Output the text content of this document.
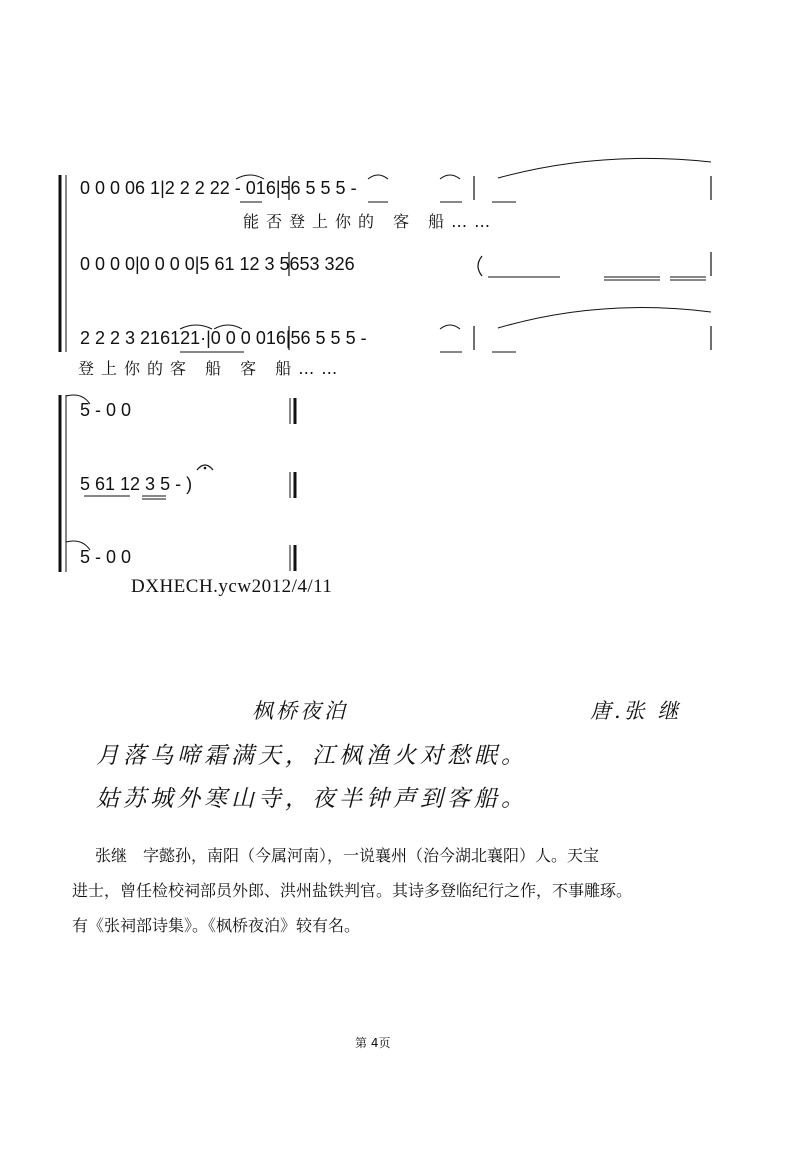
0 0 0 06 1|2 2 2 22 - 016|56 5 5 5 -
能否登上你的 客 船……
0 0 0 0|0 0 0 0|5 61 12 3 5653 326
2 2 2 3 216121·|0 0 0 016|56 5 5 5 -
登上你的客 船 客 船……
5 - 0 0
5 61 12 3 5 - )
5 - 0 0
DXHECH.ycw2012/4/11
枫桥夜泊	唐.张 继
月落乌啼霜满天，江枫渔火对愁眠。
姑苏城外寒山寺，夜半钟声到客船。
张继　字懿孙，南阳（今属河南），一说襄州（治今湖北襄阳）人。天宝
进士，曾任检校祠部员外郎、洪州盐铁判官。其诗多登临纪行之作，不事雕琢。
有《张祠部诗集》。《枫桥夜泊》较有名。
第 4页
